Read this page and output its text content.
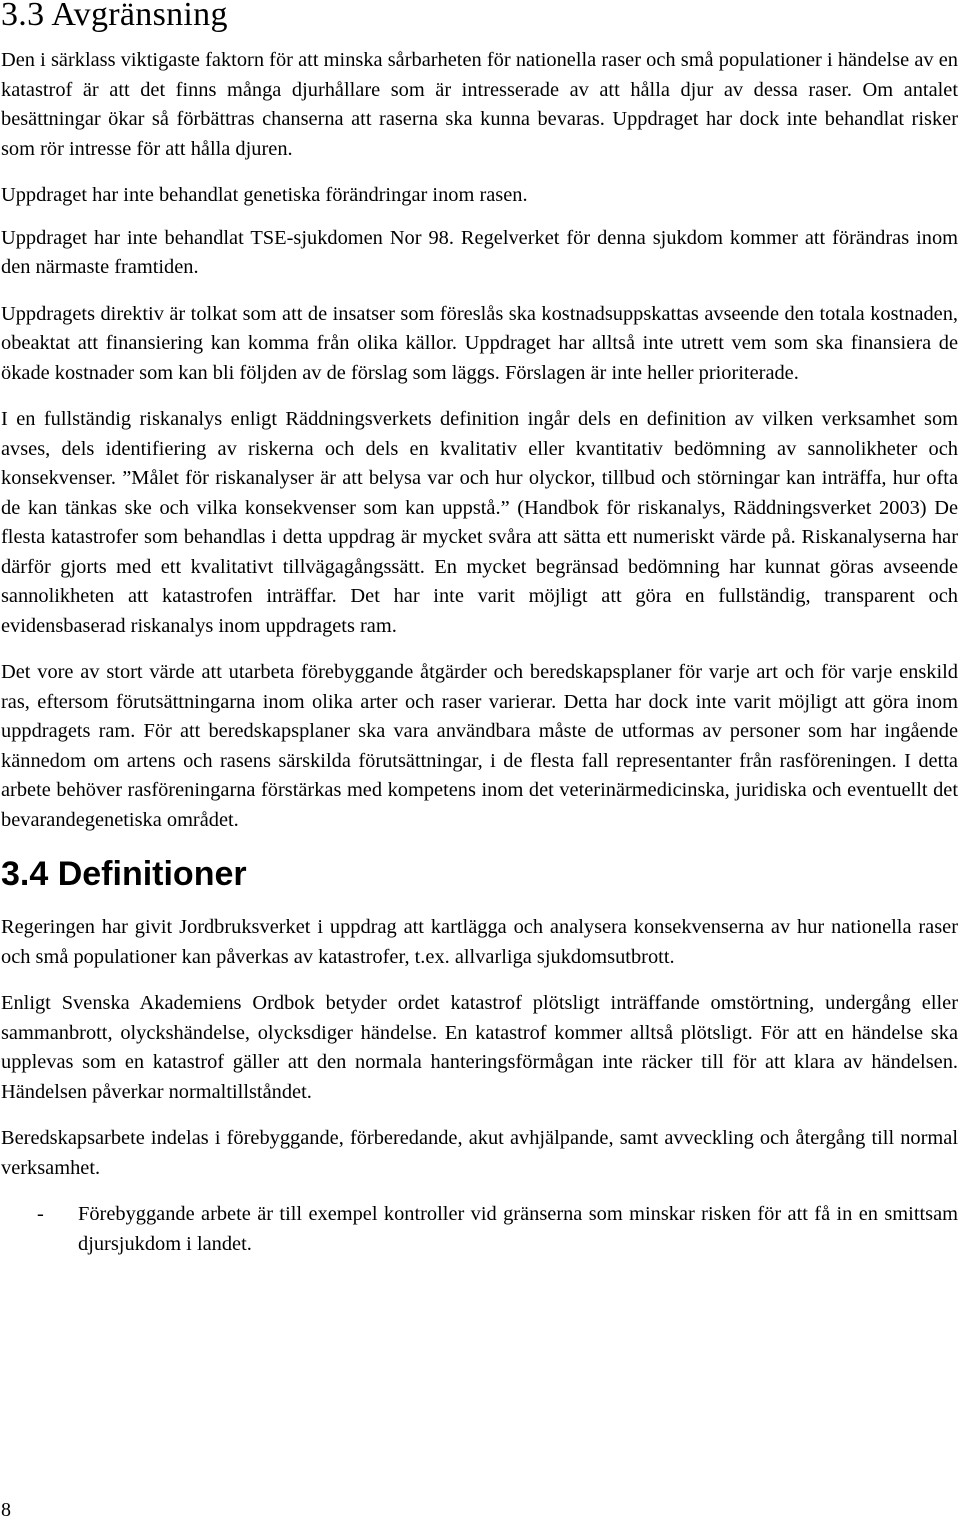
3.3 Avgränsning

Den i särklass viktigaste faktorn för att minska sårbarheten för nationella raser och små populationer i händelse av en katastrof är att det finns många djurhållare som är intresserade av att hålla djur av dessa raser. Om antalet besättningar ökar så förbättras chanserna att raserna ska kunna bevaras. Uppdraget har dock inte behandlat risker som rör intresse för att hålla djuren.

Uppdraget har inte behandlat genetiska förändringar inom rasen.

Uppdraget har inte behandlat TSE-sjukdomen Nor 98. Regelverket för denna sjukdom kommer att förändras inom den närmaste framtiden.

Uppdragets direktiv är tolkat som att de insatser som föreslås ska kostnadsuppskattas avseende den totala kostnaden, obeaktat att finansiering kan komma från olika källor. Uppdraget har alltså inte utrett vem som ska finansiera de ökade kostnader som kan bli följden av de förslag som läggs. Förslagen är inte heller prioriterade.

I en fullständig riskanalys enligt Räddningsverkets definition ingår dels en definition av vilken verksamhet som avses, dels identifiering av riskerna och dels en kvalitativ eller kvantitativ bedömning av sannolikheter och konsekvenser. ”Målet för riskanalyser är att belysa var och hur olyckor, tillbud och störningar kan inträffa, hur ofta de kan tänkas ske och vilka konsekvenser som kan uppstå.” (Handbok för riskanalys, Räddningsverket 2003) De flesta katastrofer som behandlas i detta uppdrag är mycket svåra att sätta ett numeriskt värde på. Riskanalyserna har därför gjorts med ett kvalitativt tillvägagångssätt. En mycket begränsad bedömning har kunnat göras avseende sannolikheten att katastrofen inträffar. Det har inte varit möjligt att göra en fullständig, transparent och evidensbaserad riskanalys inom uppdragets ram.

Det vore av stort värde att utarbeta förebyggande åtgärder och beredskapsplaner för varje art och för varje enskild ras, eftersom förutsättningarna inom olika arter och raser varierar. Detta har dock inte varit möjligt att göra inom uppdragets ram. För att beredskapsplaner ska vara användbara måste de utformas av personer som har ingående kännedom om artens och rasens särskilda förutsättningar, i de flesta fall representanter från rasföreningen. I detta arbete behöver rasföreningarna förstärkas med kompetens inom det veterinärmedicinska, juridiska och eventuellt det bevarandegenetiska området.

3.4 Definitioner

Regeringen har givit Jordbruksverket i uppdrag att kartlägga och analysera konsekvenserna av hur nationella raser och små populationer kan påverkas av katastrofer, t.ex. allvarliga sjukdomsutbrott.

Enligt Svenska Akademiens Ordbok betyder ordet katastrof plötsligt inträffande omstörtning, undergång eller sammanbrott, olyckshändelse, olycksdiger händelse. En katastrof kommer alltså plötsligt. För att en händelse ska upplevas som en katastrof gäller att den normala hanteringsförmågan inte räcker till för att klara av händelsen. Händelsen påverkar normaltillståndet.

Beredskapsarbete indelas i förebyggande, förberedande, akut avhjälpande, samt avveckling och återgång till normal verksamhet.

- Förebyggande arbete är till exempel kontroller vid gränserna som minskar risken för att få in en smittsam djursjukdom i landet.
8
